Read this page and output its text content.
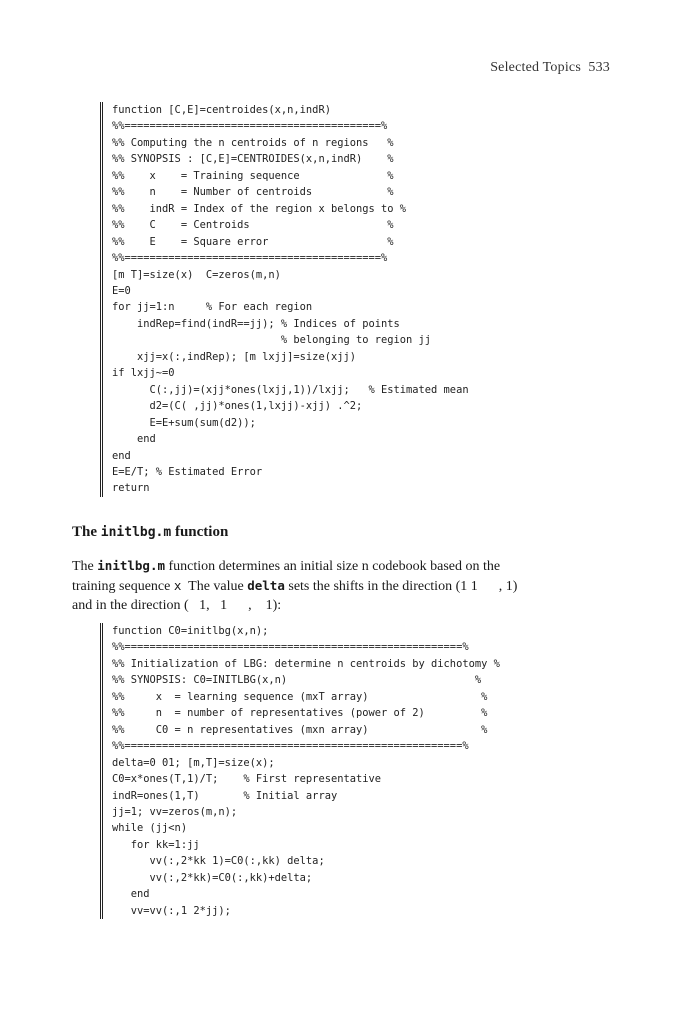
Selected Topics 533
function [C,E]=centroides(x,n,indR)
%%=========================================%
%% Computing the n centroids of n regions   %
%% SYNOPSIS : [C,E]=CENTROIDES(x,n,indR)    %
%%    x    = Training sequence              %
%%    n    = Number of centroids            %
%%    indR = Index of the region x belongs to %
%%    C    = Centroids                      %
%%    E    = Square error                   %
%%=========================================%
[m T]=size(x)  C=zeros(m,n)
E=0
for jj=1:n     % For each region
indRep=find(indR==jj); % Indices of points
% belonging to region jj
xjj=x(:,indRep); [m lxjj]=size(xjj)
if lxjj~=0
C(:,jj)=(xjj*ones(lxjj,1))/lxjj;   % Estimated mean
d2=(C( ,jj)*ones(1,lxjj)-xjj) .^2;
E=E+sum(sum(d2));
end
end
E=E/T; % Estimated Error
return
The initlbg.m function
The initlbg.m function determines an initial size n codebook based on the
training sequence x  The value delta sets the shifts in the direction (1 1      , 1)
and in the direction (   1,   1      ,    1):
function C0=initlbg(x,n);
%%======================================================%
%% Initialization of LBG: determine n centroids by dichotomy %
%% SYNOPSIS: C0=INITLBG(x,n)                              %
%%     x  = learning sequence (mxT array)                  %
%%     n  = number of representatives (power of 2)         %
%%     C0 = n representatives (mxn array)                  %
%%======================================================%
delta=0 01; [m,T]=size(x);
C0=x*ones(T,1)/T;    % First representative
indR=ones(1,T)       % Initial array
jj=1; vv=zeros(m,n);
while (jj<n)
for kk=1:jj
vv(:,2*kk 1)=C0(:,kk) delta;
vv(:,2*kk)=C0(:,kk)+delta;
end
vv=vv(:,1 2*jj);
